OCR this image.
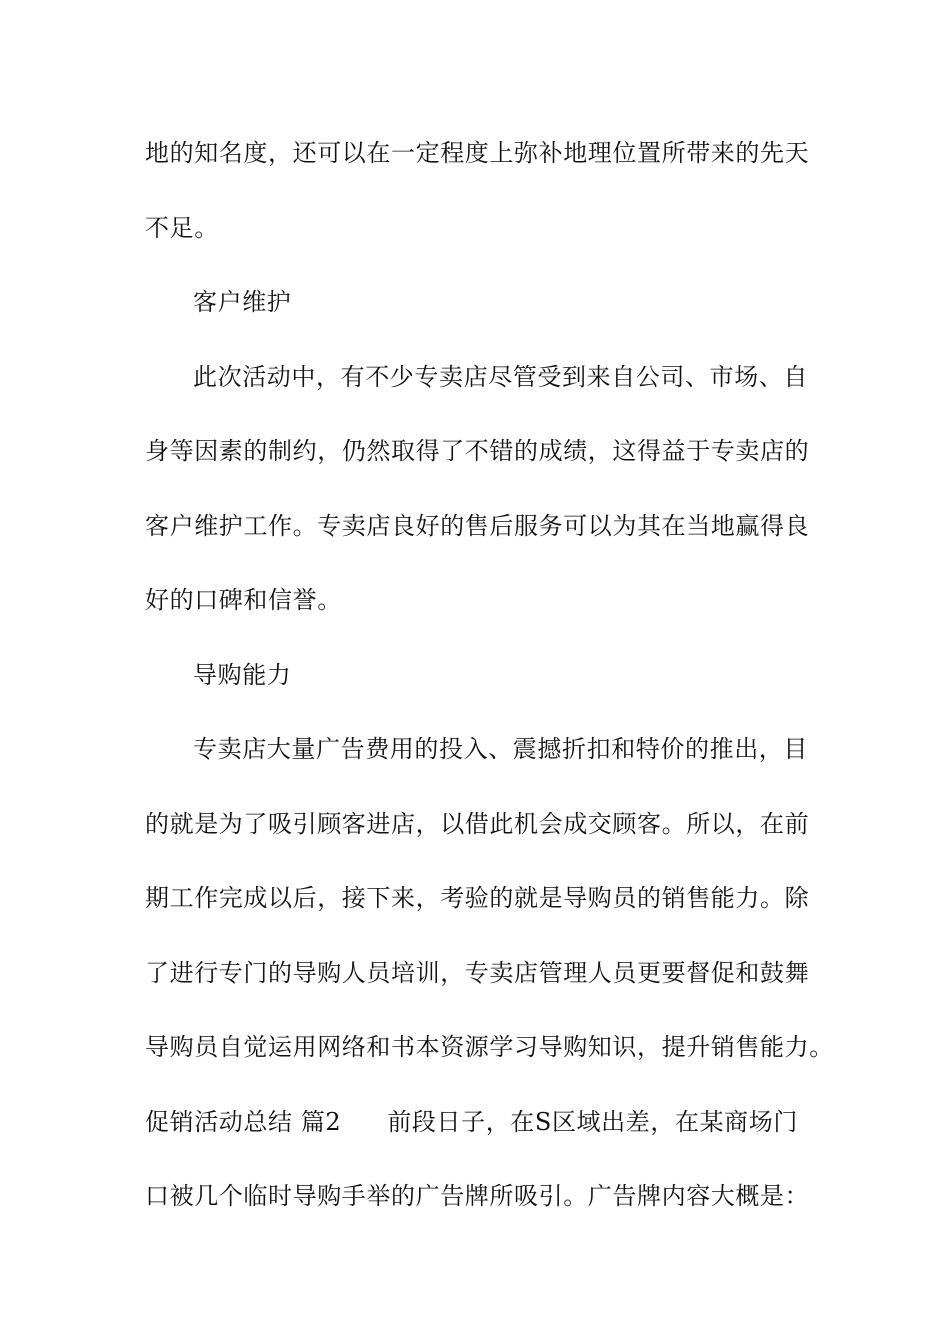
地的知名度，还可以在一定程度上弥补地理位置所带来的先天
不足。
客户维护
此次活动中，有不少专卖店尽管受到来自公司、市场、自
身等因素的制约，仍然取得了不错的成绩，这得益于专卖店的
客户维护工作。专卖店良好的售后服务可以为其在当地赢得良
好的口碑和信誉。
导购能力
专卖店大量广告费用的投入、震撼折扣和特价的推出，目
的就是为了吸引顾客进店，以借此机会成交顾客。所以，在前
期工作完成以后，接下来，考验的就是导购员的销售能力。除
了进行专门的导购人员培训，专卖店管理人员更要督促和鼓舞
导购员自觉运用网络和书本资源学习导购知识，提升销售能力。
促销活动总结 篇2 前段日子，在S区域出差，在某商场门
口被几个临时导购手举的广告牌所吸引。广告牌内容大概是：
